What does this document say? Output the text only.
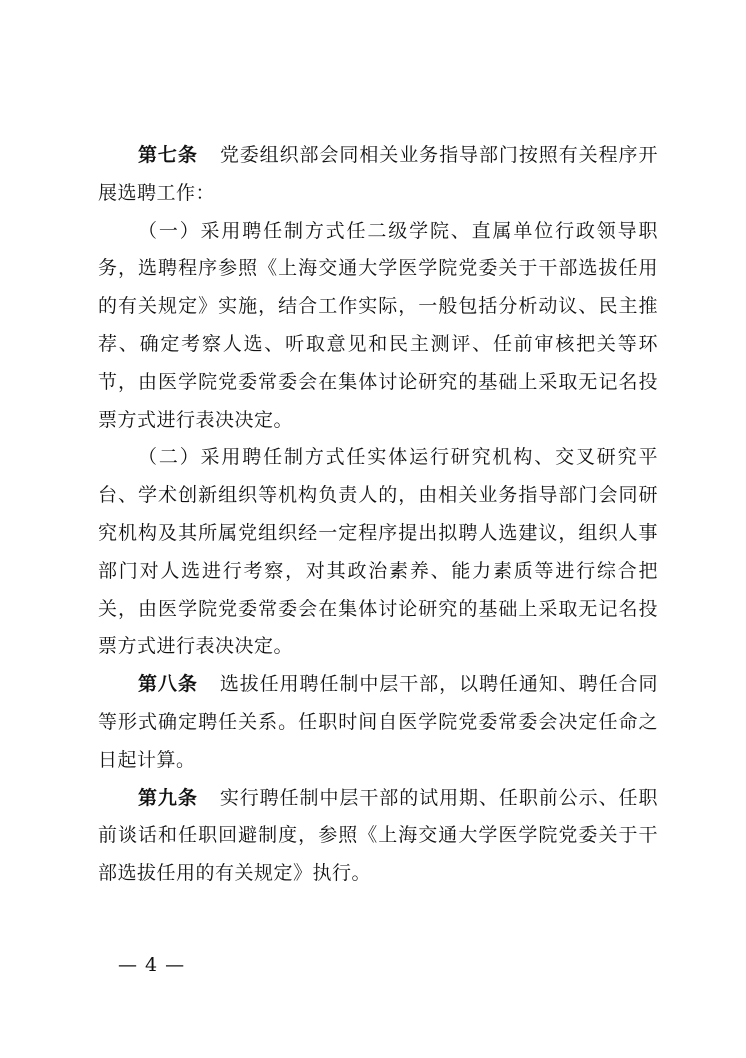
第七条 党委组织部会同相关业务指导部门按照有关程序开展选聘工作：

（一）采用聘任制方式任二级学院、直属单位行政领导职务，选聘程序参照《上海交通大学医学院党委关于干部选拔任用的有关规定》实施，结合工作实际，一般包括分析动议、民主推荐、确定考察人选、听取意见和民主测评、任前审核把关等环节，由医学院党委常委会在集体讨论研究的基础上采取无记名投票方式进行表决决定。

（二）采用聘任制方式任实体运行研究机构、交叉研究平台、学术创新组织等机构负责人的，由相关业务指导部门会同研究机构及其所属党组织经一定程序提出拟聘人选建议，组织人事部门对人选进行考察，对其政治素养、能力素质等进行综合把关，由医学院党委常委会在集体讨论研究的基础上采取无记名投票方式进行表决决定。

第八条 选拔任用聘任制中层干部，以聘任通知、聘任合同等形式确定聘任关系。任职时间自医学院党委常委会决定任命之日起计算。

第九条 实行聘任制中层干部的试用期、任职前公示、任职前谈话和任职回避制度，参照《上海交通大学医学院党委关于干部选拔任用的有关规定》执行。

— 4 —
